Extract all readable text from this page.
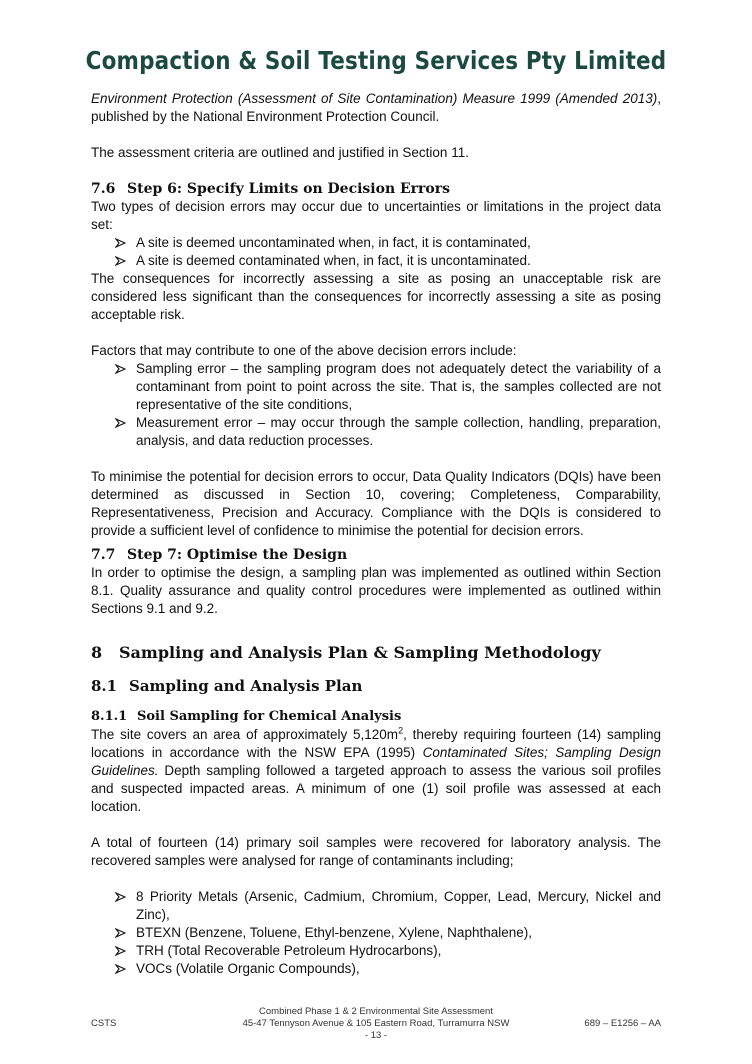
Compaction & Soil Testing Services Pty Limited

Environment Protection (Assessment of Site Contamination) Measure 1999 (Amended 2013), published by the National Environment Protection Council.

The assessment criteria are outlined and justified in Section 11.

7.6 Step 6: Specify Limits on Decision Errors

Two types of decision errors may occur due to uncertainties or limitations in the project data set:

A site is deemed uncontaminated when, in fact, it is contaminated,
A site is deemed contaminated when, in fact, it is uncontaminated.

The consequences for incorrectly assessing a site as posing an unacceptable risk are considered less significant than the consequences for incorrectly assessing a site as posing acceptable risk.

Factors that may contribute to one of the above decision errors include:

Sampling error – the sampling program does not adequately detect the variability of a contaminant from point to point across the site. That is, the samples collected are not representative of the site conditions,
Measurement error – may occur through the sample collection, handling, preparation, analysis, and data reduction processes.

To minimise the potential for decision errors to occur, Data Quality Indicators (DQIs) have been determined as discussed in Section 10, covering; Completeness, Comparability, Representativeness, Precision and Accuracy. Compliance with the DQIs is considered to provide a sufficient level of confidence to minimise the potential for decision errors.

7.7 Step 7: Optimise the Design

In order to optimise the design, a sampling plan was implemented as outlined within Section 8.1. Quality assurance and quality control procedures were implemented as outlined within Sections 9.1 and 9.2.

8 Sampling and Analysis Plan & Sampling Methodology
8.1 Sampling and Analysis Plan
8.1.1 Soil Sampling for Chemical Analysis

The site covers an area of approximately $5,120m^2$, thereby requiring fourteen (14) sampling locations in accordance with the NSW EPA (1995) Contaminated Sites; Sampling Design Guidelines. Depth sampling followed a targeted approach to assess the various soil profiles and suspected impacted areas. A minimum of one (1) soil profile was assessed at each location.

A total of fourteen (14) primary soil samples were recovered for laboratory analysis. The recovered samples were analysed for range of contaminants including;

8 Priority Metals (Arsenic, Cadmium, Chromium, Copper, Lead, Mercury, Nickel and Zinc),
BTEXN (Benzene, Toluene, Ethyl-benzene, Xylene, Naphthalene),
TRH (Total Recoverable Petroleum Hydrocarbons),
VOCs (Volatile Organic Compounds),
Combined Phase 1 & 2 Environmental Site Assessment
CSTS	45-47 Tennyson Avenue & 105 Eastern Road, Turramurra NSW	689 – E1256 – AA
- 13 -
